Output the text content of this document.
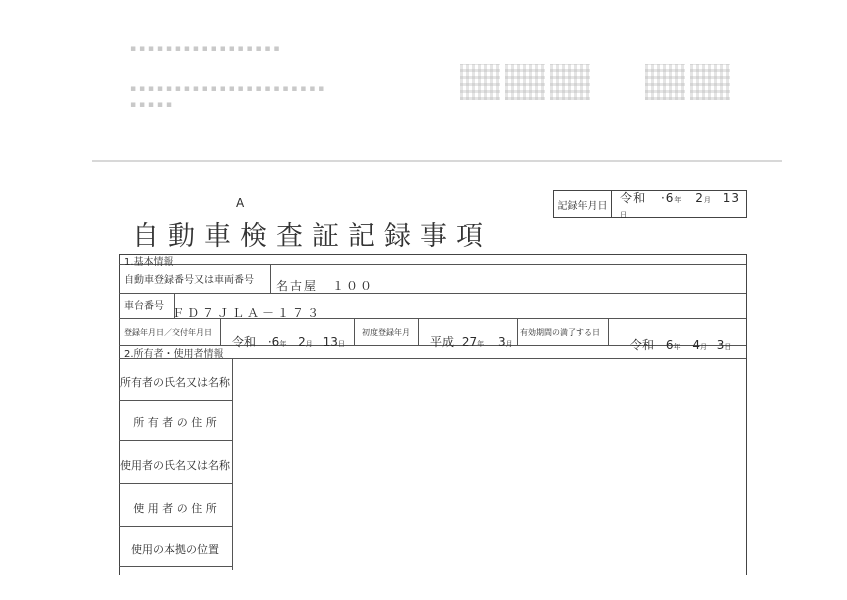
▪ ▪ ▪ ▪ ▪ ▪ ▪ ▪ ▪ ▪ ▪ ▪ ▪ ▪ ▪ ▪ ▪
▪ ▪ ▪ ▪ ▪ ▪ ▪ ▪ ▪ ▪ ▪ ▪ ▪ ▪ ▪ ▪ ▪ ▪ ▪ ▪ ▪ ▪
▪ ▪ ▪ ▪ ▪
A
自動車検査証記録事項
記録年月日
令和 ·6年 2月 13日
1.基本情報
自動車登録番号又は車両番号 名古屋　１００
車台番号 ＦＤ７ＪＬＡ－１７３
登録年月日／交付年月日
令和 ·6年 2月 13日
初度登録年月
平成 27年 3月
有効期間の満了する日
令和 6年 4月 3日
2.所有者・使用者情報
所有者の氏名又は名称
所 有 者 の 住 所
使用者の氏名又は名称
使 用 者 の 住 所
使用の本拠の位置
